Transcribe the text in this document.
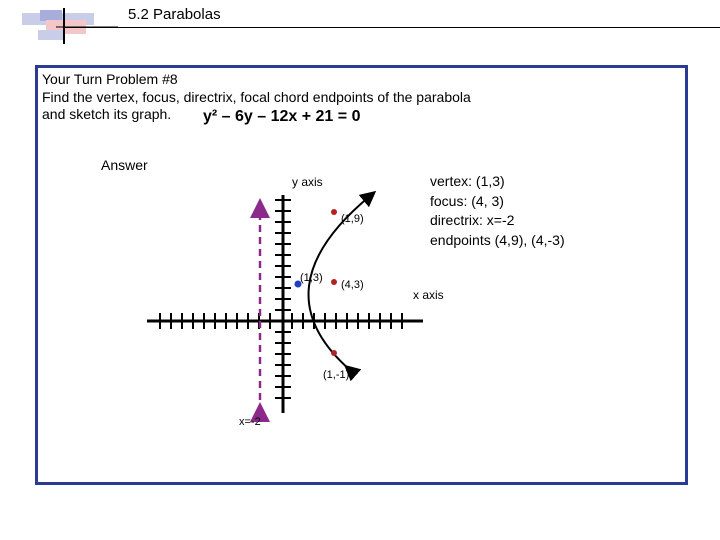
5.2 Parabolas
Your Turn Problem #8
Find the vertex, focus, directrix, focal chord endpoints of the parabola
and sketch its graph.	y² – 6y – 12x + 21 = 0
Answer
vertex: (1,3)
focus: (4, 3)
directrix: x=-2
endpoints (4,9), (4,-3)
y axis
x axis
(1,9)
(1,3)
(4,3)
(1,-1)
x=-2
